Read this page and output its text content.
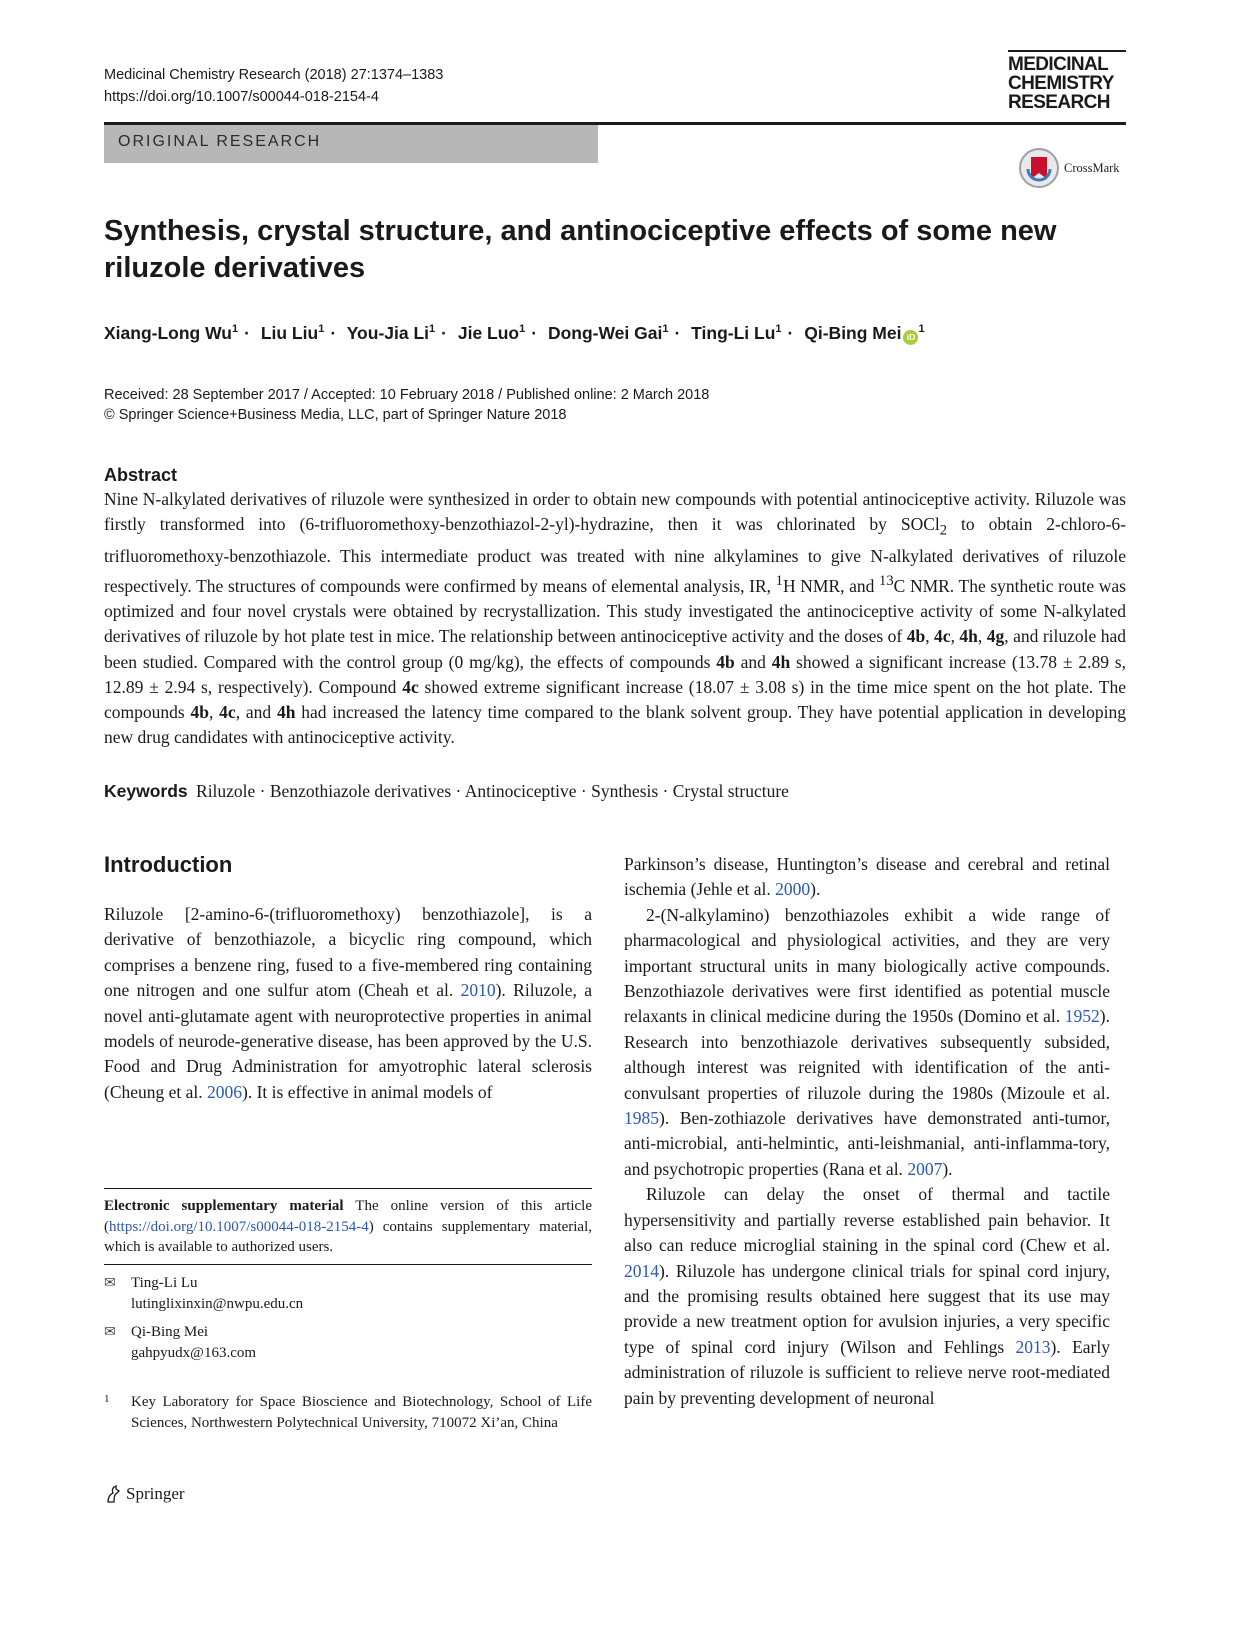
Medicinal Chemistry Research (2018) 27:1374–1383
https://doi.org/10.1007/s00044-018-2154-4
MEDICINAL
CHEMISTRY
RESEARCH
ORIGINAL RESEARCH
CrossMark
Synthesis, crystal structure, and antinociceptive effects of some new riluzole derivatives
Xiang-Long $Wu^1$ · Liu Liu$^1$ · You-Jia $Li^1$ · Jie Luo$^1$ · Dong-Wei Gai$^1$ · Ting-Li $Lu^1$ · Qi-Bing Mei $iD^1$
Received: 28 September 2017 / Accepted: 10 February 2018 / Published online: 2 March 2018
© Springer Science+Business Media, LLC, part of Springer Nature 2018
Abstract
Nine N-alkylated derivatives of riluzole were synthesized in order to obtain new compounds with potential antinociceptive activity. Riluzole was firstly transformed into (6-trifluoromethoxy-benzothiazol-2-yl)-hydrazine, then it was chlorinated by SOCl$_2$ to obtain 2-chloro-6-trifluoromethoxy-benzothiazole. This intermediate product was treated with nine alkylamines to give N-alkylated derivatives of riluzole respectively. The structures of compounds were confirmed by means of elemental analysis, IR, $^1$H NMR, and $^{13}$C NMR. The synthetic route was optimized and four novel crystals were obtained by recrystallization. This study investigated the antinociceptive activity of some N-alkylated derivatives of riluzole by hot plate test in mice. The relationship between antinociceptive activity and the doses of 4b, 4c, 4h, 4g, and riluzole had been studied. Compared with the control group (0 mg/kg), the effects of compounds 4b and 4h showed a significant increase (13.78 ± 2.89 s, 12.89 ± 2.94 s, respectively). Compound 4c showed extreme significant increase (18.07 ± 3.08 s) in the time mice spent on the hot plate. The compounds 4b, 4c, and 4h had increased the latency time compared to the blank solvent group. They have potential application in developing new drug candidates with antinociceptive activity.
Keywords Riluzole · Benzothiazole derivatives · Antinociceptive · Synthesis · Crystal structure
Introduction
Riluzole [2-amino-6-(trifluoromethoxy) benzothiazole], is a derivative of benzothiazole, a bicyclic ring compound, which comprises a benzene ring, fused to a five-membered ring containing one nitrogen and one sulfur atom (Cheah et al. 2010). Riluzole, a novel anti-glutamate agent with neuroprotective properties in animal models of neurode-generative disease, has been approved by the U.S. Food and Drug Administration for amyotrophic lateral sclerosis (Cheung et al. 2006). It is effective in animal models of

Parkinson’s disease, Huntington’s disease and cerebral and retinal ischemia (Jehle et al. 2000).

2-(N-alkylamino) benzothiazoles exhibit a wide range of pharmacological and physiological activities, and they are very important structural units in many biologically active compounds. Benzothiazole derivatives were first identified as potential muscle relaxants in clinical medicine during the 1950s (Domino et al. 1952). Research into benzothiazole derivatives subsequently subsided, although interest was reignited with identification of the anti-convulsant properties of riluzole during the 1980s (Mizoule et al. 1985). Ben-zothiazole derivatives have demonstrated anti-tumor, anti-microbial, anti-helmintic, anti-leishmanial, anti-inflamma-tory, and psychotropic properties (Rana et al. 2007).

Riluzole can delay the onset of thermal and tactile hypersensitivity and partially reverse established pain behavior. It also can reduce microglial staining in the spinal cord (Chew et al. 2014). Riluzole has undergone clinical trials for spinal cord injury, and the promising results obtained here suggest that its use may provide a new treatment option for avulsion injuries, a very specific type of spinal cord injury (Wilson and Fehlings 2013). Early administration of riluzole is sufficient to relieve nerve root-mediated pain by preventing development of neuronal

Electronic supplementary material The online version of this article (https://doi.org/10.1007/s00044-018-2154-4) contains supplementary material, which is available to authorized users.
✉ Ting-Li Lu
lutinglixinxin@nwpu.edu.cn
✉ Qi-Bing Mei
gahpyudx@163.com
1 Key Laboratory for Space Bioscience and Biotechnology, School of Life Sciences, Northwestern Polytechnical University, 710072 Xi’an, China
Springer
